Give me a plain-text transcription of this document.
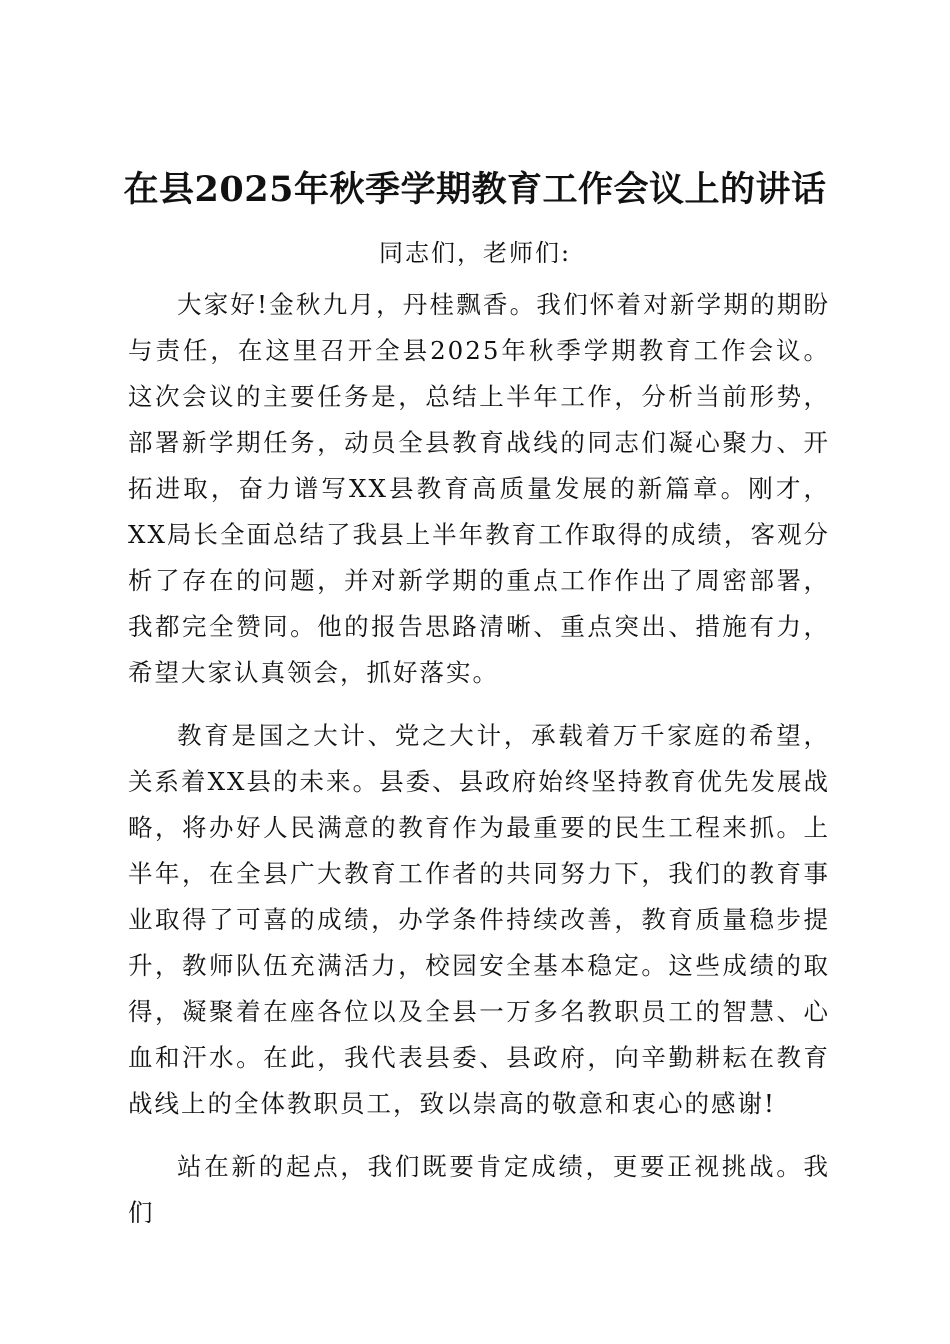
在县2025年秋季学期教育工作会议上的讲话
同志们，老师们:

大家好!金秋九月，丹桂飘香。我们怀着对新学期的期盼与责任，在这里召开全县2025年秋季学期教育工作会议。这次会议的主要任务是，总结上半年工作，分析当前形势，部署新学期任务，动员全县教育战线的同志们凝心聚力、开拓进取，奋力谱写XX县教育高质量发展的新篇章。刚才，XX局长全面总结了我县上半年教育工作取得的成绩，客观分析了存在的问题，并对新学期的重点工作作出了周密部署，我都完全赞同。他的报告思路清晰、重点突出、措施有力，希望大家认真领会，抓好落实。

教育是国之大计、党之大计，承载着万千家庭的希望，关系着XX县的未来。县委、县政府始终坚持教育优先发展战略，将办好人民满意的教育作为最重要的民生工程来抓。上半年，在全县广大教育工作者的共同努力下，我们的教育事业取得了可喜的成绩，办学条件持续改善，教育质量稳步提升，教师队伍充满活力，校园安全基本稳定。这些成绩的取得，凝聚着在座各位以及全县一万多名教职员工的智慧、心血和汗水。在此，我代表县委、县政府，向辛勤耕耘在教育战线上的全体教职员工，致以崇高的敬意和衷心的感谢!

站在新的起点，我们既要肯定成绩，更要正视挑战。我们
